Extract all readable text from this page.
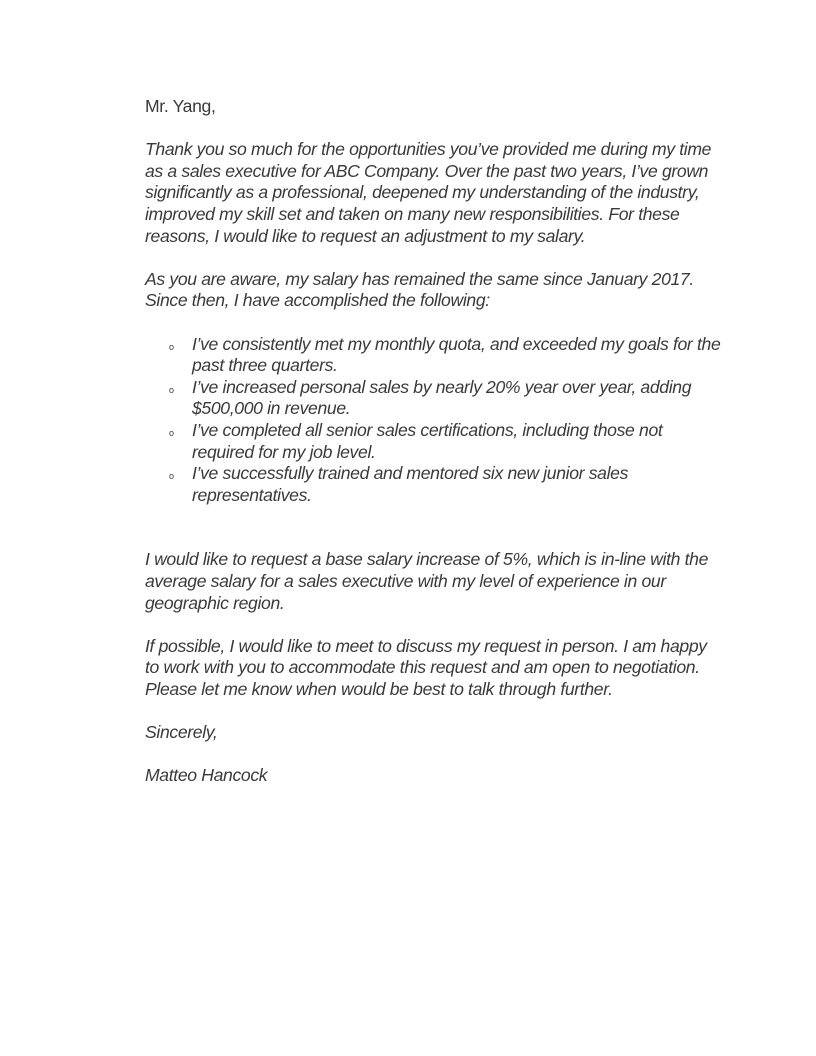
Mr. Yang,

Thank you so much for the opportunities you’ve provided me during my time as a sales executive for ABC Company. Over the past two years, I’ve grown significantly as a professional, deepened my understanding of the industry, improved my skill set and taken on many new responsibilities. For these reasons, I would like to request an adjustment to my salary.

As you are aware, my salary has remained the same since January 2017. Since then, I have accomplished the following:

o I’ve consistently met my monthly quota, and exceeded my goals for the past three quarters.
o I’ve increased personal sales by nearly 20% year over year, adding $500,000 in revenue.
o I’ve completed all senior sales certifications, including those not required for my job level.
o I’ve successfully trained and mentored six new junior sales representatives.

I would like to request a base salary increase of 5%, which is in-line with the average salary for a sales executive with my level of experience in our geographic region.

If possible, I would like to meet to discuss my request in person. I am happy to work with you to accommodate this request and am open to negotiation. Please let me know when would be best to talk through further.

Sincerely,

Matteo Hancock
